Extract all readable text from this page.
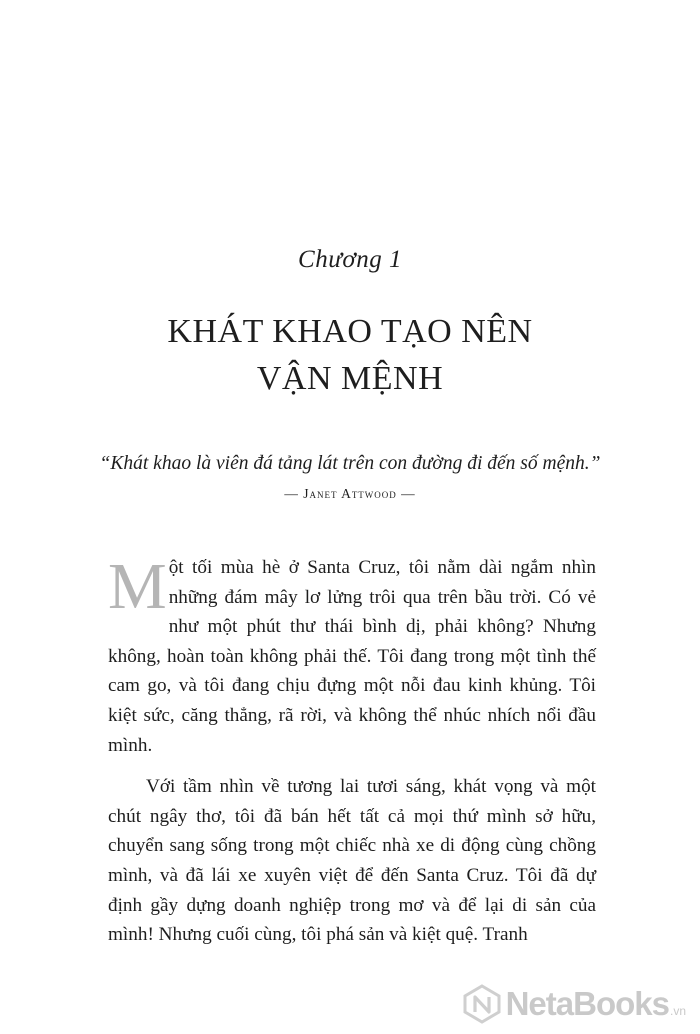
Chương 1
KHÁT KHAO TẠO NÊN
VẬN MỆNH
“Khát khao là viên đá tảng lát trên con đường đi đến số mệnh.”
— Janet Attwood —

Một tối mùa hè ở Santa Cruz, tôi nằm dài ngắm nhìn những đám mây lơ lửng trôi qua trên bầu trời. Có vẻ như một phút thư thái bình dị, phải không? Nhưng không, hoàn toàn không phải thế. Tôi đang trong một tình thế cam go, và tôi đang chịu đựng một nỗi đau kinh khủng. Tôi kiệt sức, căng thẳng, rã rời, và không thể nhúc nhích nổi đầu mình.

Với tầm nhìn về tương lai tươi sáng, khát vọng và một chút ngây thơ, tôi đã bán hết tất cả mọi thứ mình sở hữu, chuyển sang sống trong một chiếc nhà xe di động cùng chồng mình, và đã lái xe xuyên việt để đến Santa Cruz. Tôi đã dự định gầy dựng doanh nghiệp trong mơ và để lại di sản của mình! Nhưng cuối cùng, tôi phá sản và kiệt quệ. Tranh

NetaBooks .vn
